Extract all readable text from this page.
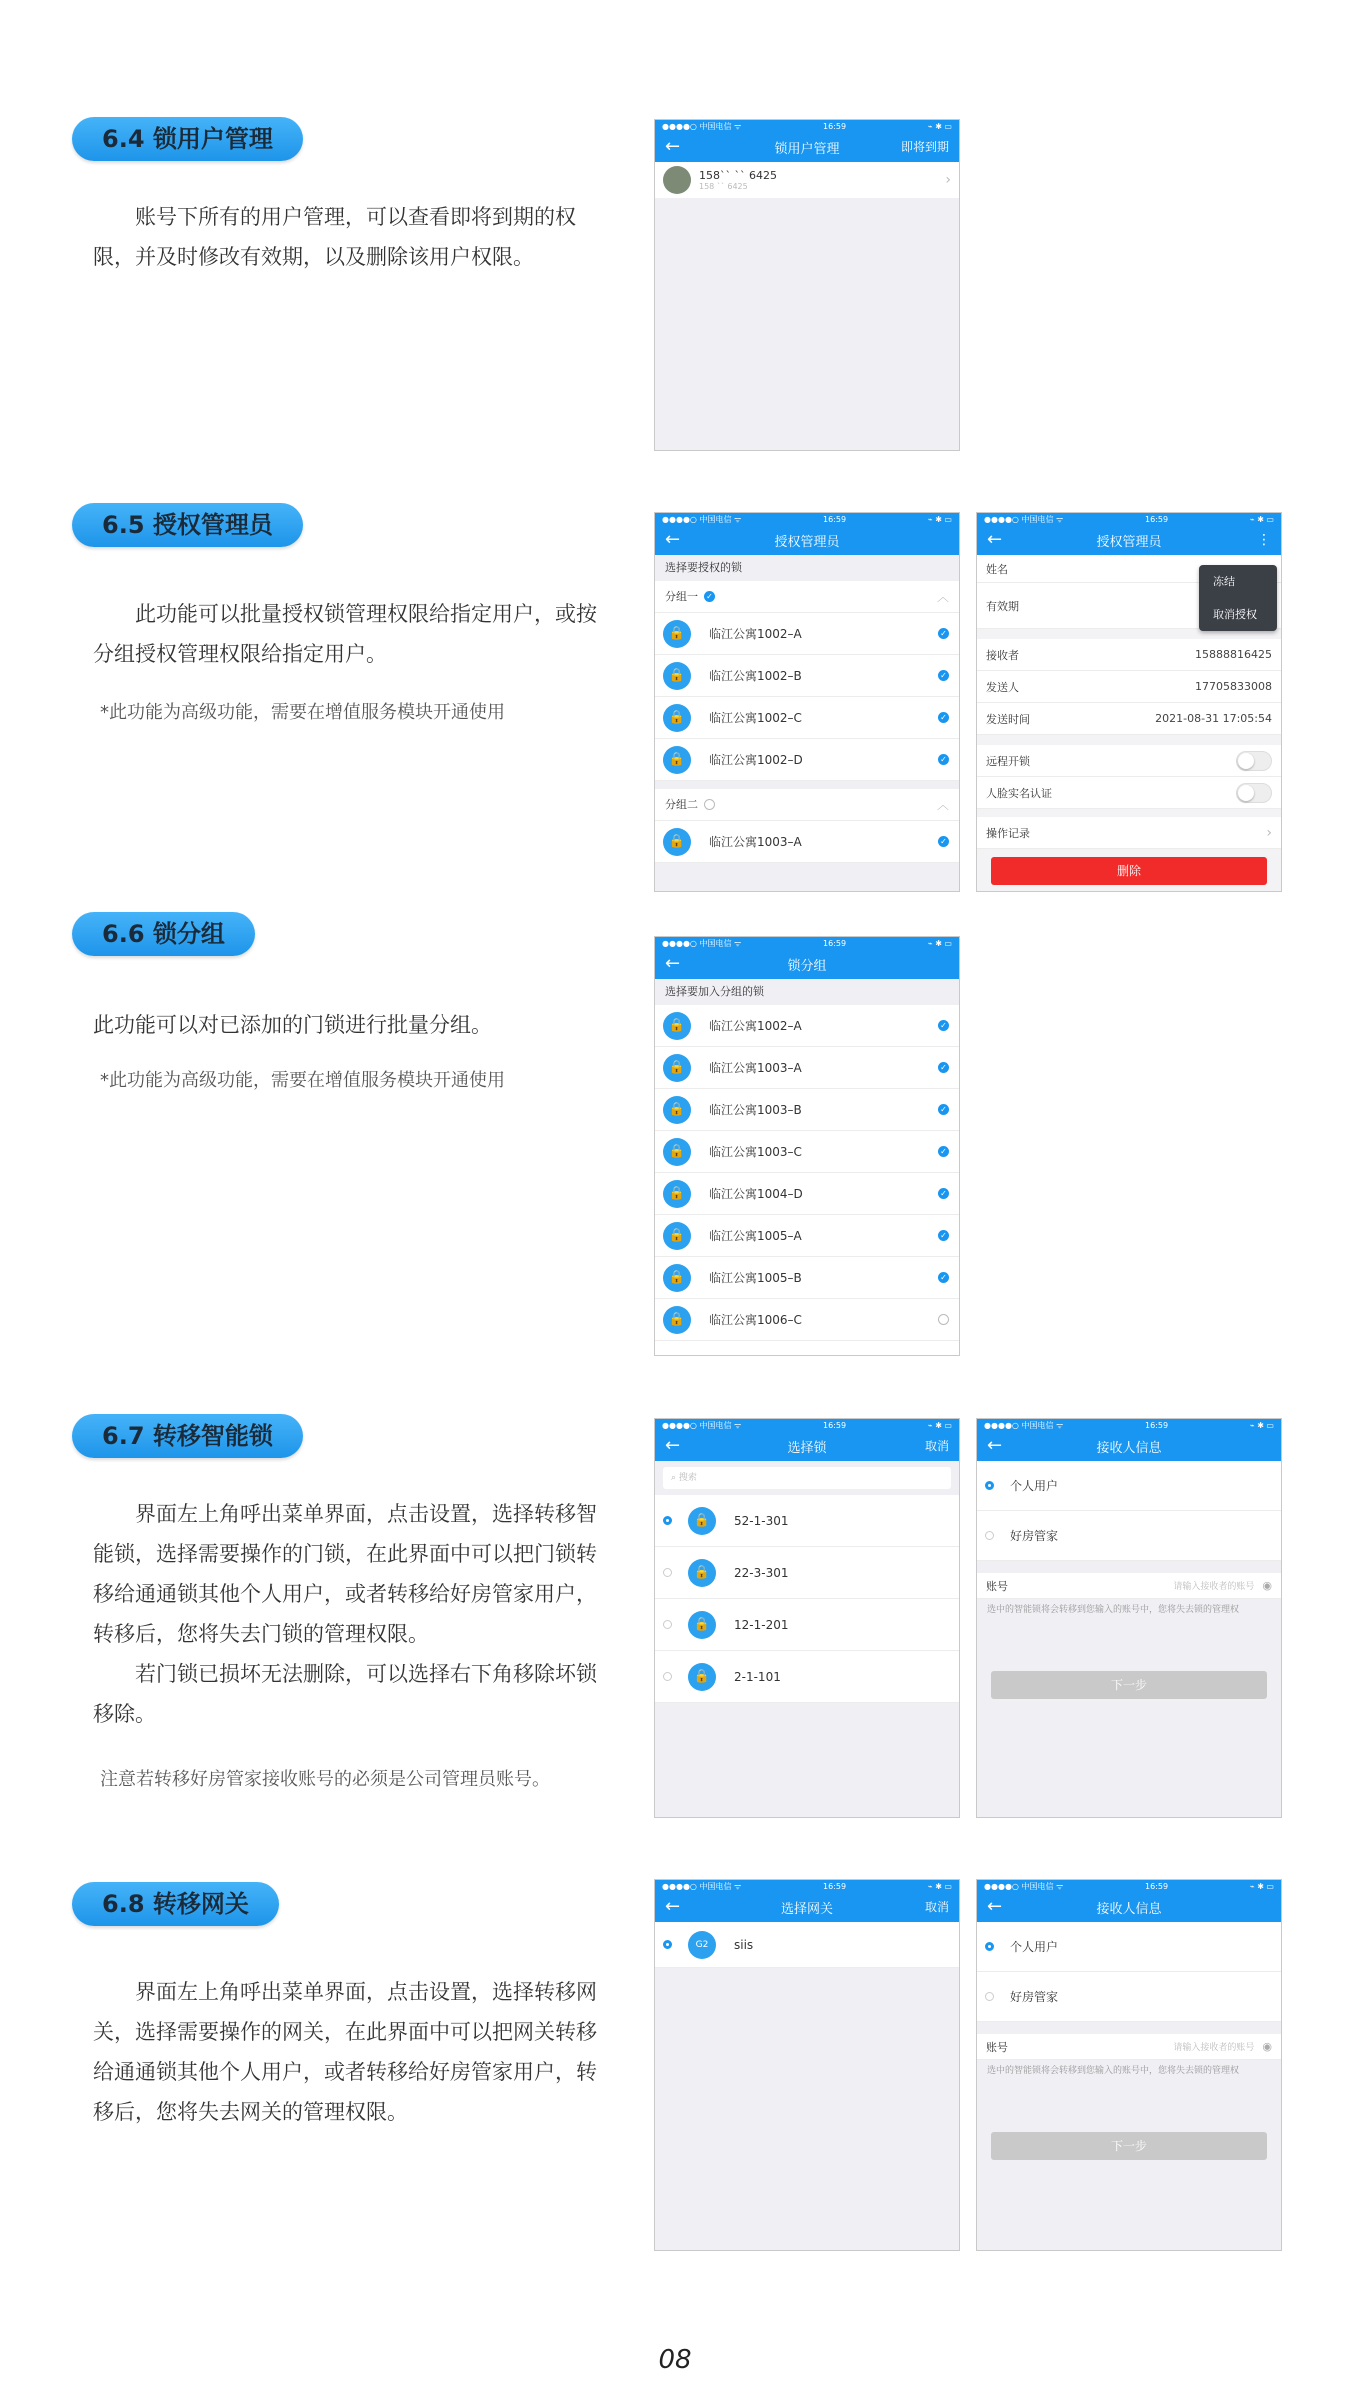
6.4 锁用户管理

账号下所有的用户管理，可以查看即将到期的权限，并及时修改有效期，以及删除该用户权限。

●●●●○ 中国电信 ᯤ	16:59	⌁ ✱ ▭
←	锁用户管理	即将到期
158`` `` 6425
158 `` 6425	›
6.5 授权管理员

此功能可以批量授权锁管理权限给指定用户，或按分组授权管理权限给指定用户。

*此功能为高级功能，需要在增值服务模块开通使用
●●●●○ 中国电信 ᯤ	16:59	⌁ ✱ ▭
←	授权管理员
选择要授权的锁
分组一 ✓	︿
🔒	临江公寓1002–A	✓
🔒	临江公寓1002–B	✓
🔒	临江公寓1002–C	✓
🔒	临江公寓1002–D	✓
分组二	︿
🔒	临江公寓1003–A	✓
●●●●○ 中国电信 ᯤ	16:59	⌁ ✱ ▭
←	授权管理员	⋮
姓名
有效期
接收者	15888816425
发送人	17705833008
发送时间	2021-08-31 17:05:54
远程开锁
人脸实名认证
操作记录	›
删除
冻结
取消授权
6.6 锁分组

此功能可以对已添加的门锁进行批量分组。

*此功能为高级功能，需要在增值服务模块开通使用
●●●●○ 中国电信 ᯤ	16:59	⌁ ✱ ▭
←	锁分组
选择要加入分组的锁
🔒	临江公寓1002–A	✓
🔒	临江公寓1003–A	✓
🔒	临江公寓1003–B	✓
🔒	临江公寓1003–C	✓
🔒	临江公寓1004–D	✓
🔒	临江公寓1005–A	✓
🔒	临江公寓1005–B	✓
🔒	临江公寓1006–C
6.7 转移智能锁

界面左上角呼出菜单界面，点击设置，选择转移智能锁，选择需要操作的门锁，在此界面中可以把门锁转移给通通锁其他个人用户，或者转移给好房管家用户，转移后，您将失去门锁的管理权限。

若门锁已损坏无法删除，可以选择右下角移除坏锁移除。

注意若转移好房管家接收账号的必须是公司管理员账号。
●●●●○ 中国电信 ᯤ	16:59	⌁ ✱ ▭
←	选择锁	取消
⌕ 搜索
🔒	52-1-301
🔒	22-3-301
🔒	12-1-201
🔒	2-1-101
●●●●○ 中国电信 ᯤ	16:59	⌁ ✱ ▭
←	接收人信息
个人用户
好房管家
账号	请输入接收者的账号 ◉
选中的智能锁将会转移到您输入的账号中，您将失去锁的管理权
下一步
6.8 转移网关

界面左上角呼出菜单界面，点击设置，选择转移网关，选择需要操作的网关，在此界面中可以把网关转移给通通锁其他个人用户，或者转移给好房管家用户，转移后，您将失去网关的管理权限。

●●●●○ 中国电信 ᯤ	16:59	⌁ ✱ ▭
←	选择网关	取消
G2	siis
●●●●○ 中国电信 ᯤ	16:59	⌁ ✱ ▭
←	接收人信息
个人用户
好房管家
账号	请输入接收者的账号 ◉
选中的智能锁将会转移到您输入的账号中，您将失去锁的管理权
下一步
08
